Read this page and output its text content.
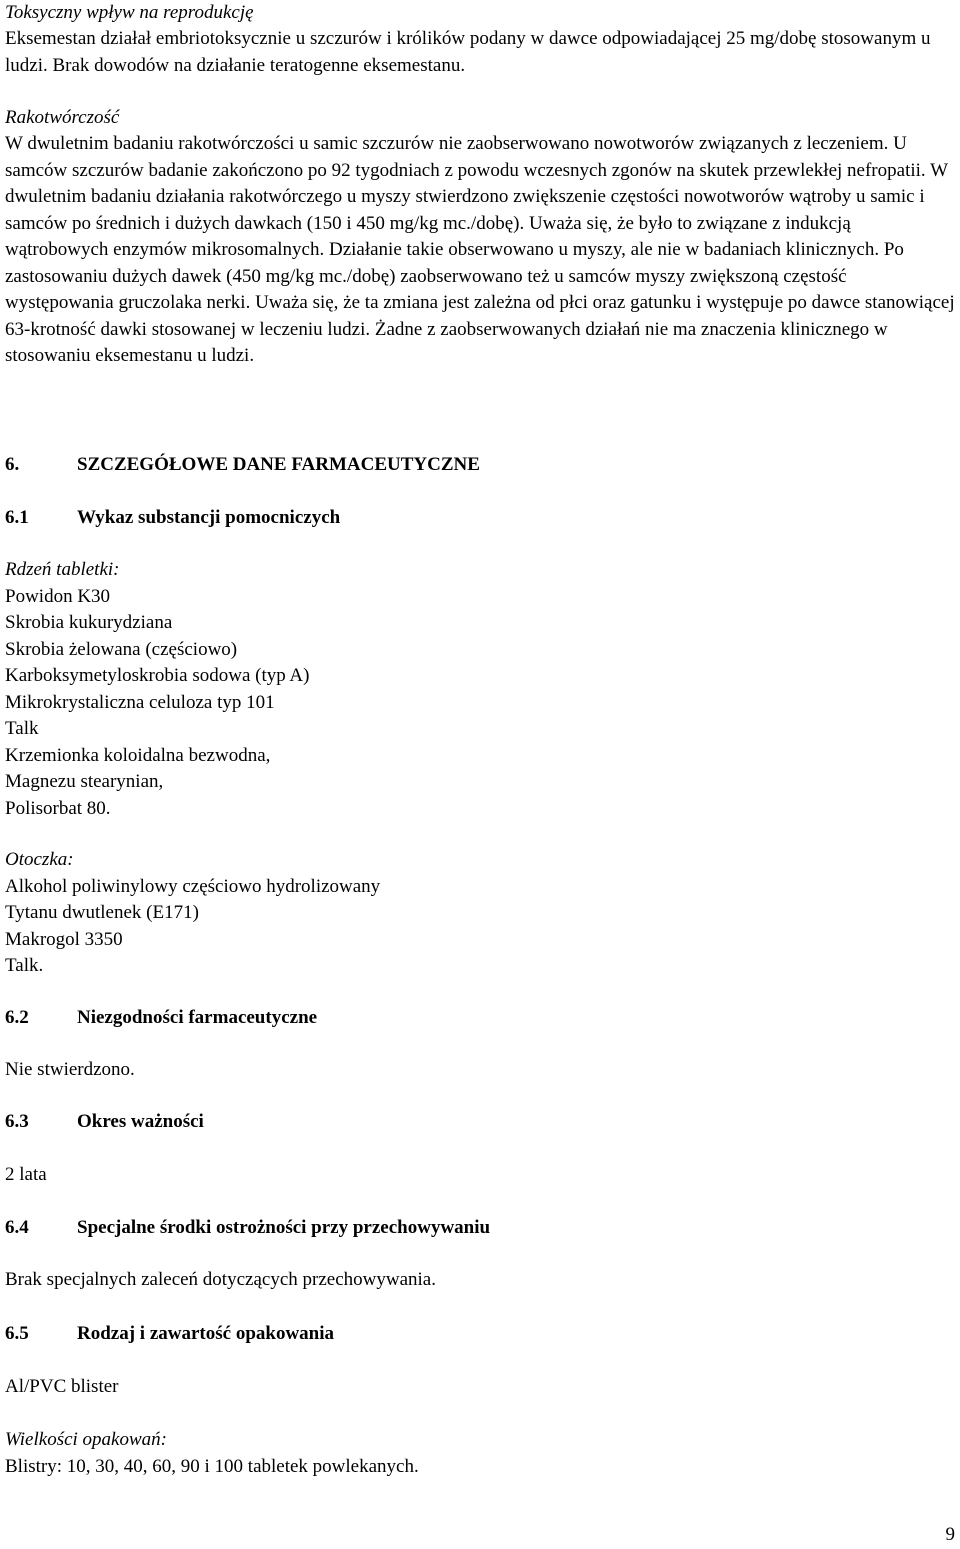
Toksyczny wpływ na reprodukcję

Eksemestan działał embriotoksycznie u szczurów i królików podany w dawce odpowiadającej 25 mg/dobę stosowanym u ludzi. Brak dowodów na działanie teratogenne eksemestanu.

Rakotwórczość

W dwuletnim badaniu rakotwórczości u samic szczurów nie zaobserwowano nowotworów związanych z leczeniem. U samców szczurów badanie zakończono po 92 tygodniach z powodu wczesnych zgonów na skutek przewlekłej nefropatii. W dwuletnim badaniu działania rakotwórczego u myszy stwierdzono zwiększenie częstości nowotworów wątroby u samic i samców po średnich i dużych dawkach (150 i 450 mg/kg mc./dobę). Uważa się, że było to związane z indukcją wątrobowych enzymów mikrosomalnych. Działanie takie obserwowano u myszy, ale nie w badaniach klinicznych. Po zastosowaniu dużych dawek (450 mg/kg mc./dobę) zaobserwowano też u samców myszy zwiększoną częstość występowania gruczolaka nerki. Uważa się, że ta zmiana jest zależna od płci oraz gatunku i występuje po dawce stanowiącej 63-krotność dawki stosowanej w leczeniu ludzi. Żadne z zaobserwowanych działań nie ma znaczenia klinicznego w stosowaniu eksemestanu u ludzi.

6.	SZCZEGÓŁOWE DANE FARMACEUTYCZNE

6.1	Wykaz substancji pomocniczych

Rdzeń tabletki:
Powidon K30
Skrobia kukurydziana
Skrobia żelowana (częściowo)
Karboksymetyloskrobia sodowa (typ A)
Mikrokrystaliczna celuloza typ 101
Talk
Krzemionka koloidalna bezwodna,
Magnezu stearynian,
Polisorbat 80.
Otoczka:
Alkohol poliwinylowy częściowo hydrolizowany
Tytanu dwutlenek (E171)
Makrogol 3350
Talk.

6.2	Niezgodności farmaceutyczne

Nie stwierdzono.

6.3	Okres ważności

2 lata

6.4	Specjalne środki ostrożności przy przechowywaniu

Brak specjalnych zaleceń dotyczących przechowywania.

6.5	Rodzaj i zawartość opakowania

Al/PVC blister

Wielkości opakowań:

Blistry: 10, 30, 40, 60, 90 i 100 tabletek powlekanych.

9
